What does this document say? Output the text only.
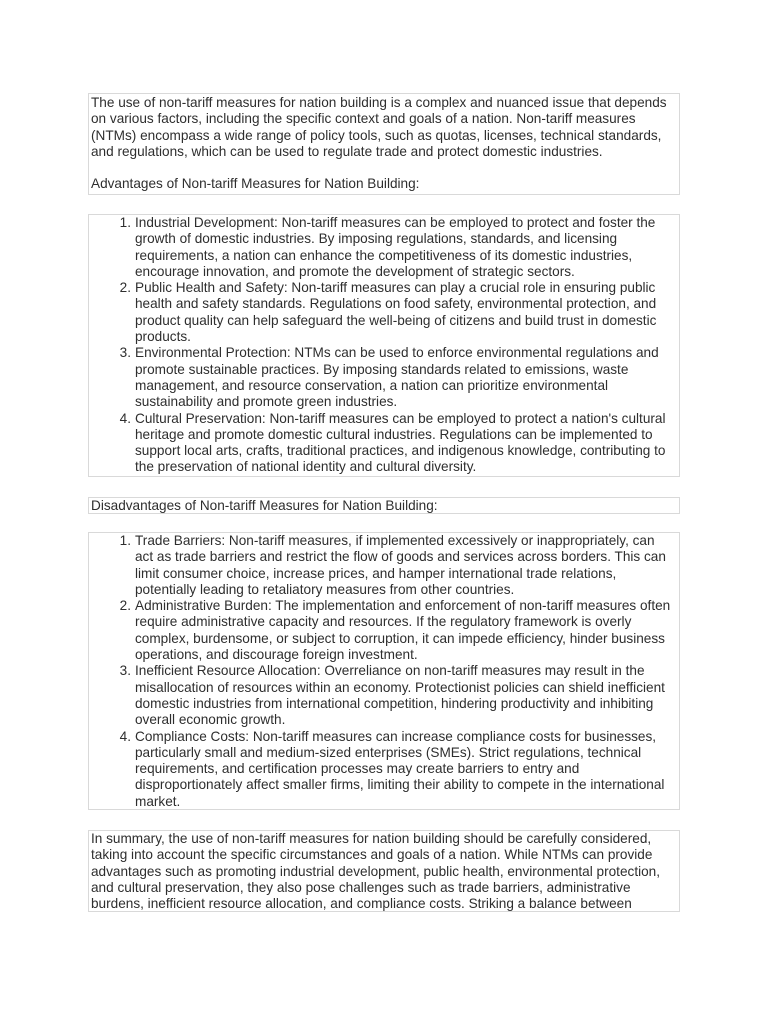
The use of non-tariff measures for nation building is a complex and nuanced issue that depends on various factors, including the specific context and goals of a nation. Non-tariff measures (NTMs) encompass a wide range of policy tools, such as quotas, licenses, technical standards, and regulations, which can be used to regulate trade and protect domestic industries.

Advantages of Non-tariff Measures for Nation Building:

1. Industrial Development: Non-tariff measures can be employed to protect and foster the growth of domestic industries. By imposing regulations, standards, and licensing requirements, a nation can enhance the competitiveness of its domestic industries, encourage innovation, and promote the development of strategic sectors.
2. Public Health and Safety: Non-tariff measures can play a crucial role in ensuring public health and safety standards. Regulations on food safety, environmental protection, and product quality can help safeguard the well-being of citizens and build trust in domestic products.
3. Environmental Protection: NTMs can be used to enforce environmental regulations and promote sustainable practices. By imposing standards related to emissions, waste management, and resource conservation, a nation can prioritize environmental sustainability and promote green industries.
4. Cultural Preservation: Non-tariff measures can be employed to protect a nation's cultural heritage and promote domestic cultural industries. Regulations can be implemented to support local arts, crafts, traditional practices, and indigenous knowledge, contributing to the preservation of national identity and cultural diversity.
Disadvantages of Non-tariff Measures for Nation Building:
1. Trade Barriers: Non-tariff measures, if implemented excessively or inappropriately, can act as trade barriers and restrict the flow of goods and services across borders. This can limit consumer choice, increase prices, and hamper international trade relations, potentially leading to retaliatory measures from other countries.
2. Administrative Burden: The implementation and enforcement of non-tariff measures often require administrative capacity and resources. If the regulatory framework is overly complex, burdensome, or subject to corruption, it can impede efficiency, hinder business operations, and discourage foreign investment.
3. Inefficient Resource Allocation: Overreliance on non-tariff measures may result in the misallocation of resources within an economy. Protectionist policies can shield inefficient domestic industries from international competition, hindering productivity and inhibiting overall economic growth.
4. Compliance Costs: Non-tariff measures can increase compliance costs for businesses, particularly small and medium-sized enterprises (SMEs). Strict regulations, technical requirements, and certification processes may create barriers to entry and disproportionately affect smaller firms, limiting their ability to compete in the international market.

In summary, the use of non-tariff measures for nation building should be carefully considered, taking into account the specific circumstances and goals of a nation. While NTMs can provide advantages such as promoting industrial development, public health, environmental protection, and cultural preservation, they also pose challenges such as trade barriers, administrative burdens, inefficient resource allocation, and compliance costs. Striking a balance between
